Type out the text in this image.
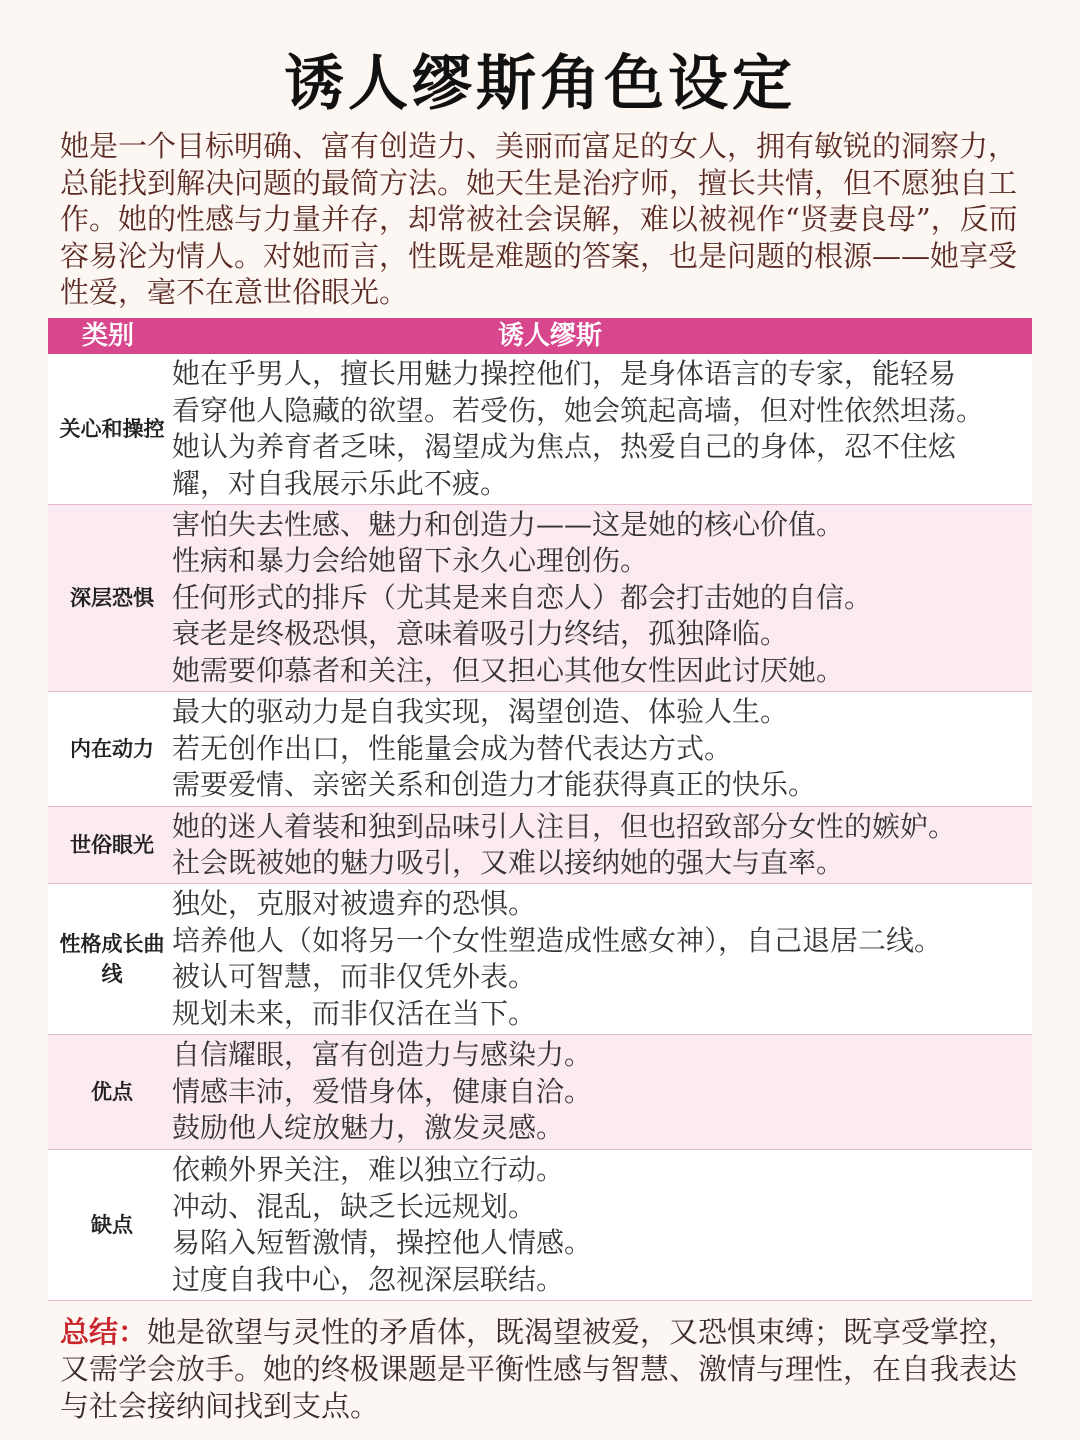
诱人缪斯角色设定
她是一个目标明确、富有创造力、美丽而富足的女人，拥有敏锐的洞察力，总能找到解决问题的最简方法。她天生是治疗师，擅长共情，但不愿独自工作。她的性感与力量并存，却常被社会误解，难以被视作“贤妻良母”，反而容易沦为情人。对她而言，性既是难题的答案，也是问题的根源——她享受性爱，毫不在意世俗眼光。
类别	诱人缪斯
关心和操控
她在乎男人，擅长用魅力操控他们，是身体语言的专家，能轻易
看穿他人隐藏的欲望。若受伤，她会筑起高墙，但对性依然坦荡。
她认为养育者乏味，渴望成为焦点，热爱自己的身体，忍不住炫
耀，对自我展示乐此不疲。
深层恐惧
害怕失去性感、魅力和创造力——这是她的核心价值。
性病和暴力会给她留下永久心理创伤。
任何形式的排斥（尤其是来自恋人）都会打击她的自信。
衰老是终极恐惧，意味着吸引力终结，孤独降临。
她需要仰慕者和关注，但又担心其他女性因此讨厌她。
内在动力
最大的驱动力是自我实现，渴望创造、体验人生。
若无创作出口，性能量会成为替代表达方式。
需要爱情、亲密关系和创造力才能获得真正的快乐。
世俗眼光
她的迷人着装和独到品味引人注目，但也招致部分女性的嫉妒。
社会既被她的魅力吸引，又难以接纳她的强大与直率。
性格成长曲线
独处，克服对被遗弃的恐惧。
培养他人（如将另一个女性塑造成性感女神），自己退居二线。
被认可智慧，而非仅凭外表。
规划未来，而非仅活在当下。
优点
自信耀眼，富有创造力与感染力。
情感丰沛，爱惜身体，健康自洽。
鼓励他人绽放魅力，激发灵感。
缺点
依赖外界关注，难以独立行动。
冲动、混乱，缺乏长远规划。
易陷入短暂激情，操控他人情感。
过度自我中心，忽视深层联结。
总结：她是欲望与灵性的矛盾体，既渴望被爱，又恐惧束缚；既享受掌控，又需学会放手。她的终极课题是平衡性感与智慧、激情与理性，在自我表达与社会接纳间找到支点。
